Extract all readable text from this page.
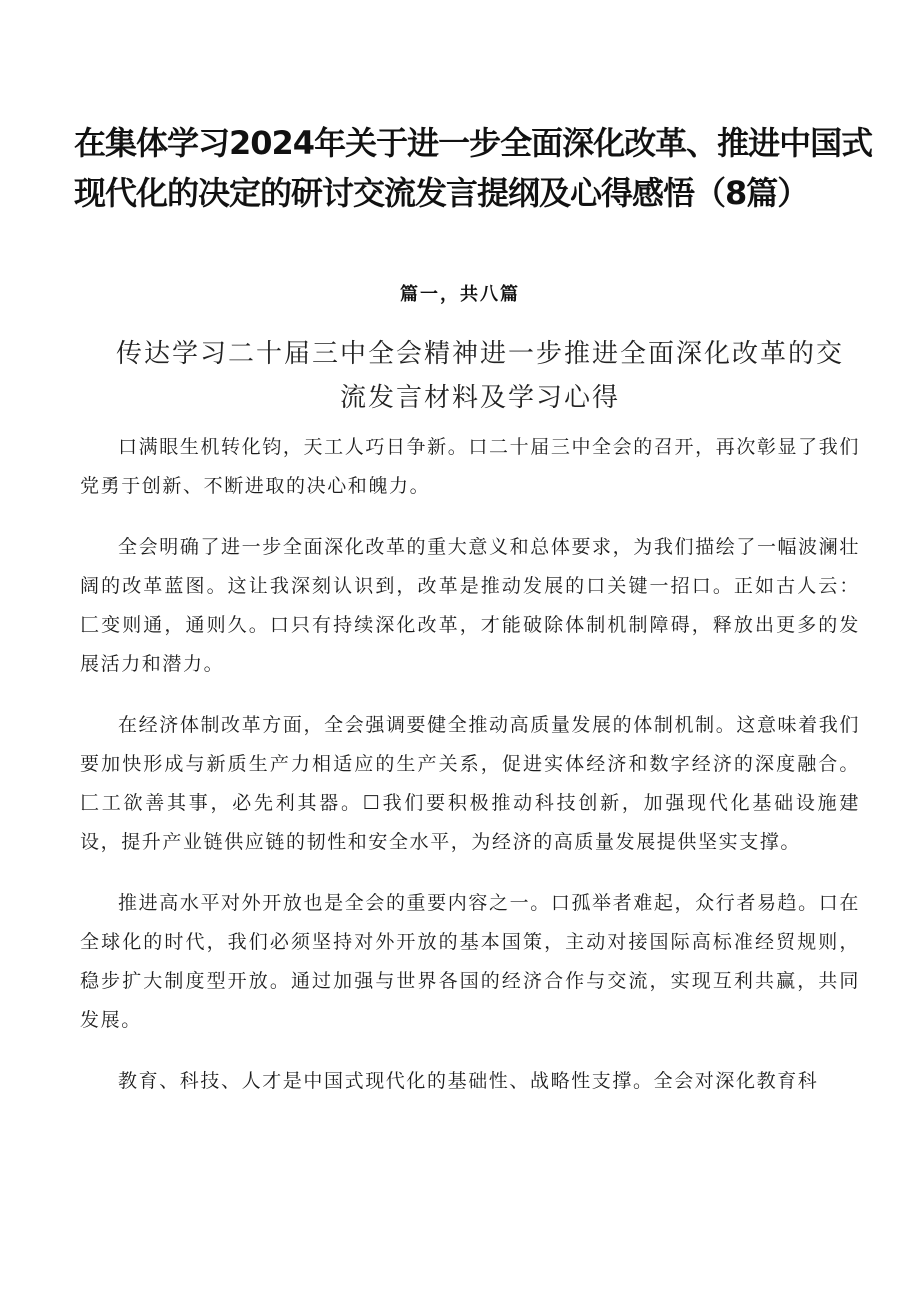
在集体学习2024年关于进一步全面深化改革、推进中国式现代化的决定的研讨交流发言提纲及心得感悟（8篇）
篇一，共八篇
传达学习二十届三中全会精神进一步推进全面深化改革的交流发言材料及学习心得

口满眼生机转化钧，天工人巧日争新。口二十届三中全会的召开，再次彰显了我们党勇于创新、不断进取的决心和魄力。

全会明确了进一步全面深化改革的重大意义和总体要求，为我们描绘了一幅波澜壮阔的改革蓝图。这让我深刻认识到，改革是推动发展的口关键一招口。正如古人云：匚变则通，通则久。口只有持续深化改革，才能破除体制机制障碍，释放出更多的发展活力和潜力。

在经济体制改革方面，全会强调要健全推动高质量发展的体制机制。这意味着我们要加快形成与新质生产力相适应的生产关系，促进实体经济和数字经济的深度融合。匚工欲善其事，必先利其器。☐我们要积极推动科技创新，加强现代化基础设施建设，提升产业链供应链的韧性和安全水平，为经济的高质量发展提供坚实支撑。

推进高水平对外开放也是全会的重要内容之一。口孤举者难起，众行者易趋。口在全球化的时代，我们必须坚持对外开放的基本国策，主动对接国际高标准经贸规则，稳步扩大制度型开放。通过加强与世界各国的经济合作与交流，实现互利共赢，共同发展。

教育、科技、人才是中国式现代化的基础性、战略性支撑。全会对深化教育科
